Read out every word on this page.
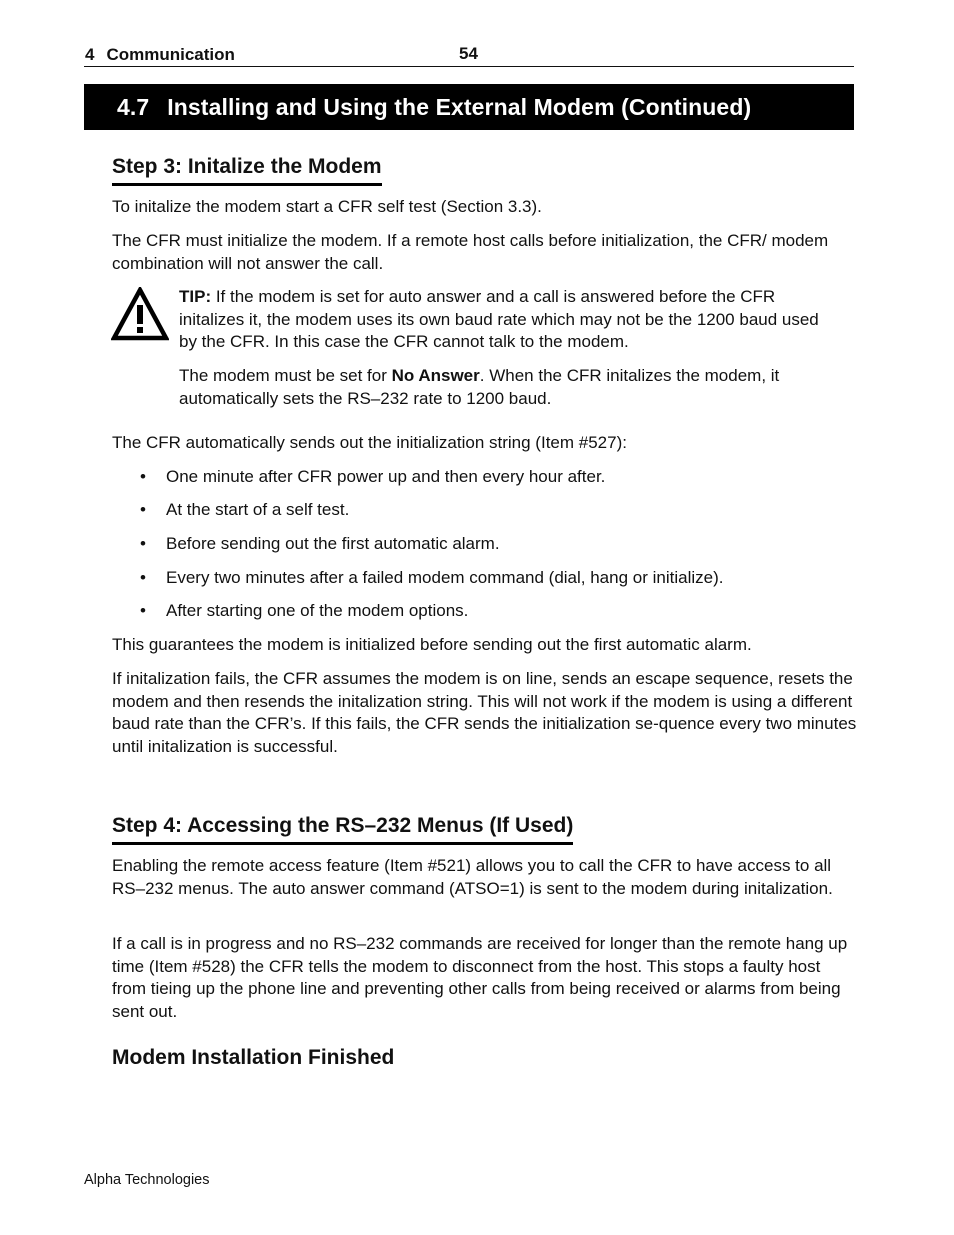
4 Communication	54
4.7 Installing and Using the External Modem (Continued)
Step 3: Initalize the Modem

To initalize the modem start a CFR self test (Section 3.3).

The CFR must initialize the modem. If a remote host calls before initialization, the CFR/ modem combination will not answer the call.

TIP: If the modem is set for auto answer and a call is answered before the CFR initalizes it, the modem uses its own baud rate which may not be the 1200 baud used by the CFR. In this case the CFR cannot talk to the modem.

The modem must be set for No Answer. When the CFR initalizes the modem, it automatically sets the RS–232 rate to 1200 baud.

The CFR automatically sends out the initialization string (Item #527):

• One minute after CFR power up and then every hour after.
• At the start of a self test.
• Before sending out the first automatic alarm.
• Every two minutes after a failed modem command (dial, hang or initialize).
• After starting one of the modem options.

This guarantees the modem is initialized before sending out the first automatic alarm.

If initalization fails, the CFR assumes the modem is on line, sends an escape sequence, resets the modem and then resends the initalization string. This will not work if the modem is using a different baud rate than the CFR’s. If this fails, the CFR sends the initialization se-quence every two minutes until initalization is successful.

Step 4: Accessing the RS–232 Menus (If Used)

Enabling the remote access feature (Item #521) allows you to call the CFR to have access to all RS–232 menus. The auto answer command (ATSO=1) is sent to the modem during initalization.

If a call is in progress and no RS–232 commands are received for longer than the remote hang up time (Item #528) the CFR tells the modem to disconnect from the host. This stops a faulty host from tieing up the phone line and preventing other calls from being received or alarms from being sent out.

Modem Installation Finished
Alpha Technologies
